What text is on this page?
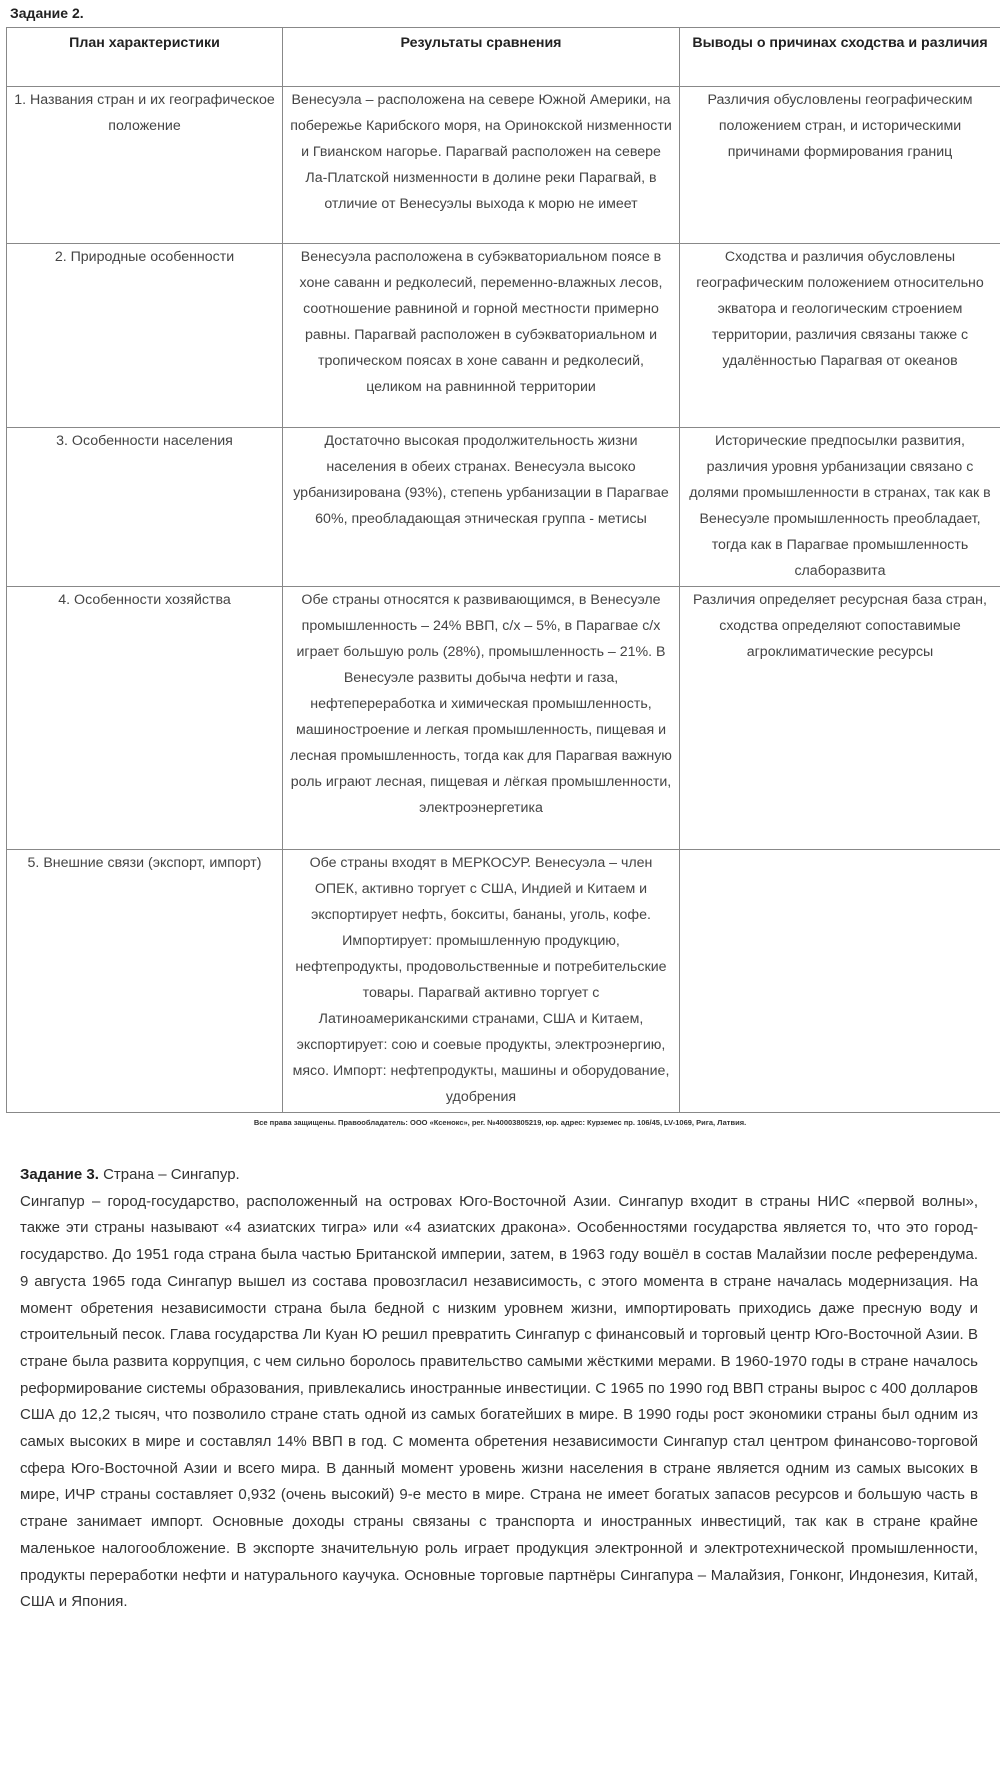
Задание 2.
План характеристики	Результаты сравнения	Выводы о причинах сходства и различия
1. Названия стран и их географическое положение	Венесуэла – расположена на севере Южной Америки, на побережье Карибского моря, на Оринокской низменности и Гвианском нагорье. Парагвай расположен на севере Ла-Платской низменности в долине реки Парагвай, в отличие от Венесуэлы выхода к морю не имеет	Различия обусловлены географическим положением стран, и историческими причинами формирования границ
2. Природные особенности	Венесуэла расположена в субэкваториальном поясе в хоне саванн и редколесий, переменно-влажных лесов, соотношение равниной и горной местности примерно равны. Парагвай расположен в субэкваториальном и тропическом поясах в хоне саванн и редколесий, целиком на равнинной территории	Сходства и различия обусловлены географическим положением относительно экватора и геологическим строением территории, различия связаны также с удалённостью Парагвая от океанов
3. Особенности населения	Достаточно высокая продолжительность жизни населения в обеих странах. Венесуэла высоко урбанизирована (93%), степень урбанизации в Парагвае 60%, преобладающая этническая группа - метисы	Исторические предпосылки развития, различия уровня урбанизации связано с долями промышленности в странах, так как в Венесуэле промышленность преобладает, тогда как в Парагвае промышленность слаборазвита
4. Особенности хозяйства	Обе страны относятся к развивающимся, в Венесуэле промышленность – 24% ВВП, с/х – 5%, в Парагвае с/х играет большую роль (28%), промышленность – 21%. В Венесуэле развиты добыча нефти и газа, нефтепереработка и химическая промышленность, машиностроение и легкая промышленность, пищевая и лесная промышленность, тогда как для Парагвая важную роль играют лесная, пищевая и лёгкая промышленности, электроэнергетика	Различия определяет ресурсная база стран, сходства определяют сопоставимые агроклиматические ресурсы
5. Внешние связи (экспорт, импорт)	Обе страны входят в МЕРКОСУР. Венесуэла – член ОПЕК, активно торгует с США, Индией и Китаем и экспортирует нефть, бокситы, бананы, уголь, кофе. Импортирует: промышленную продукцию, нефтепродукты, продовольственные и потребительские товары. Парагвай активно торгует с Латиноамериканскими странами, США и Китаем, экспортирует: сою и соевые продукты, электроэнергию, мясо. Импорт: нефтепродукты, машины и оборудование, удобрения	
Все права защищены. Правообладатель: ООО «Ксенокс», рег. №40003805219, юр. адрес: Курземес пр. 106/45, LV-1069, Рига, Латвия.
Задание 3. Страна – Сингапур.
Сингапур – город-государство, расположенный на островах Юго-Восточной Азии. Сингапур входит в страны НИС «первой волны», также эти страны называют «4 азиатских тигра» или «4 азиатских дракона». Особенностями государства является то, что это город-государство. До 1951 года страна была частью Британской империи, затем, в 1963 году вошёл в состав Малайзии после референдума. 9 августа 1965 года Сингапур вышел из состава провозгласил независимость, с этого момента в стране началась модернизация. На момент обретения независимости страна была бедной с низким уровнем жизни, импортировать приходись даже пресную воду и строительный песок. Глава государства Ли Куан Ю решил превратить Сингапур с финансовый и торговый центр Юго-Восточной Азии. В стране была развита коррупция, с чем сильно боролось правительство самыми жёсткими мерами. В 1960-1970 годы в стране началось реформирование системы образования, привлекались иностранные инвестиции. С 1965 по 1990 год ВВП страны вырос с 400 долларов США до 12,2 тысяч, что позволило стране стать одной из самых богатейших в мире. В 1990 годы рост экономики страны был одним из самых высоких в мире и составлял 14% ВВП в год. С момента обретения независимости Сингапур стал центром финансово-торговой сфера Юго-Восточной Азии и всего мира. В данный момент уровень жизни населения в стране является одним из самых высоких в мире, ИЧР страны составляет 0,932 (очень высокий) 9-е место в мире. Страна не имеет богатых запасов ресурсов и большую часть в стране занимает импорт. Основные доходы страны связаны с транспорта и иностранных инвестиций, так как в стране крайне маленькое налогообложение. В экспорте значительную роль играет продукция электронной и электротехнической промышленности, продукты переработки нефти и натурального каучука. Основные торговые партнёры Сингапура – Малайзия, Гонконг, Индонезия, Китай, США и Япония.
